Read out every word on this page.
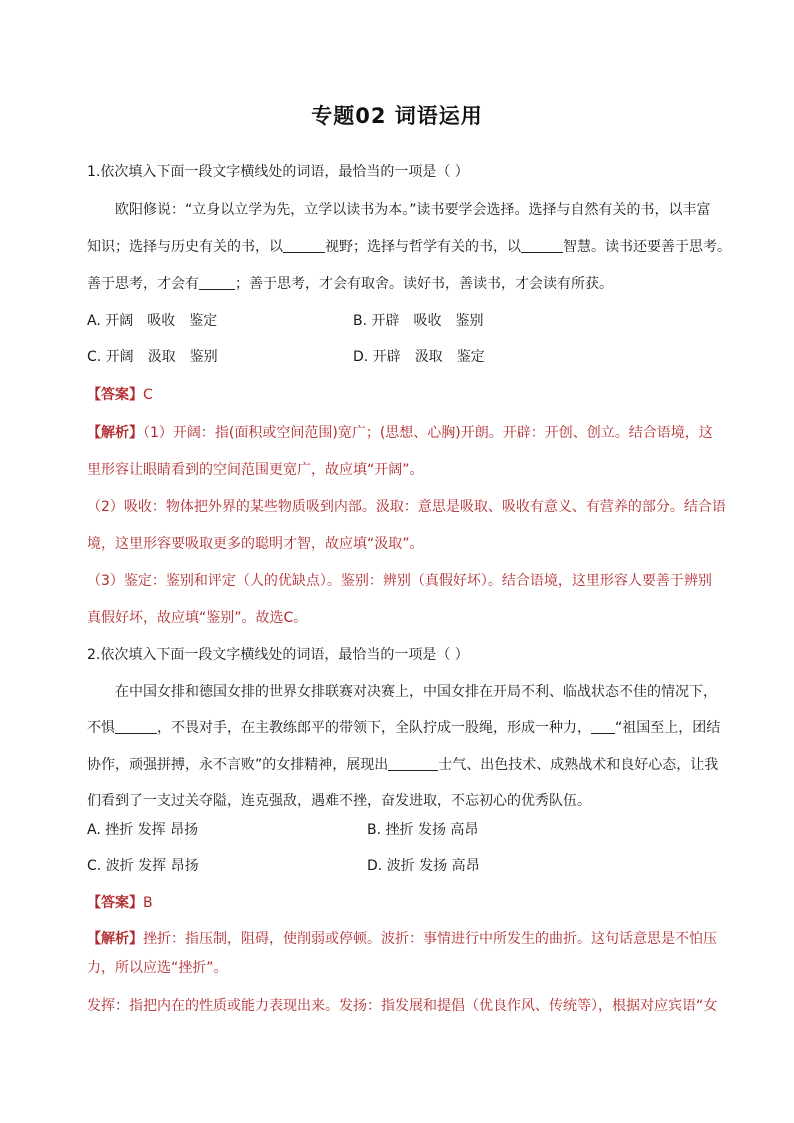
专题02 词语运用
1.依次填入下面一段文字横线处的词语，最恰当的一项是（ ）
欧阳修说：“立身以立学为先，立学以读书为本。”读书要学会选择。选择与自然有关的书，以丰富
知识；选择与历史有关的书，以	视野；选择与哲学有关的书，以	智慧。读书还要善于思考。
善于思考，才会有	；善于思考，才会有取舍。读好书，善读书，才会读有所获。
A. 开阔 吸收 鉴定	B. 开辟 吸收 鉴别
C. 开阔 汲取 鉴别	D. 开辟 汲取 鉴定
【答案】C
【解析】（1）开阔：指(面积或空间范围)宽广；(思想、心胸)开朗。开辟：开创、创立。结合语境，这
里形容让眼睛看到的空间范围更宽广，故应填“开阔”。
（2）吸收：物体把外界的某些物质吸到内部。汲取：意思是吸取、吸收有意义、有营养的部分。结合语
境，这里形容要吸取更多的聪明才智，故应填“汲取”。
（3）鉴定：鉴别和评定（人的优缺点）。鉴别：辨别（真假好坏）。结合语境，这里形容人要善于辨别
真假好坏，故应填“鉴别”。故选C。
2.依次填入下面一段文字横线处的词语，最恰当的一项是（ ）
在中国女排和德国女排的世界女排联赛对决赛上，中国女排在开局不利、临战状态不佳的情况下，
不惧	，不畏对手，在主教练郎平的带领下，全队拧成一股绳，形成一种力， “祖国至上，团结
协作，顽强拼搏，永不言败”的女排精神，展现出	士气、出色技术、成熟战术和良好心态，让我
们看到了一支过关夺隘，连克强敌，遇难不挫，奋发进取，不忘初心的优秀队伍。
A. 挫折 发挥 昂扬	B. 挫折 发扬 高昂
C. 波折 发挥 昂扬	D. 波折 发扬 高昂
【答案】B
【解析】挫折：指压制，阻碍，使削弱或停顿。波折：事情进行中所发生的曲折。这句话意思是不怕压
力，所以应选“挫折”。
发挥：指把内在的性质或能力表现出来。发扬：指发展和提倡（优良作风、传统等），根据对应宾语“女
